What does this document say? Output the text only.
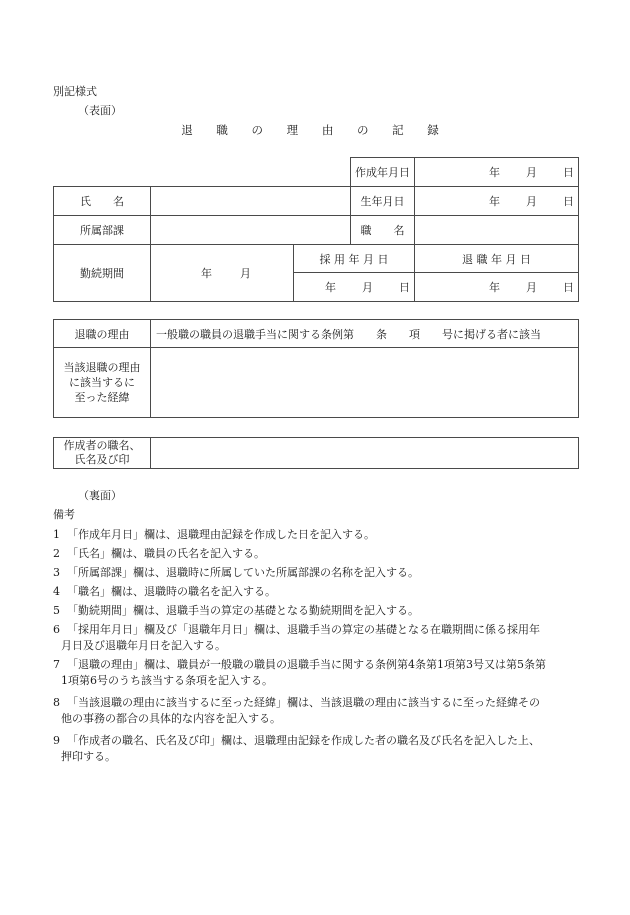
別記様式
（表面）
退 職 の 理 由 の 記 録
			作成年月日	年 月 日

氏　　名			生年月日	年 月 日

所属部課			職　　名	
勤続期間	年 月	採 用 年 月 日		退 職 年 月 日

		年 月 日		年 月 日
退職の理由	一般職の職員の退職手当に関する条例第　　条　　項　　号に掲げる者に該当

当該退職の理由
に該当するに
至った経緯	

作成者の職名、
氏名及び印

（裏面）
備考
1 「作成年月日」欄は、退職理由記録を作成した日を記入する。
2 「氏名」欄は、職員の氏名を記入する。
3 「所属部課」欄は、退職時に所属していた所属部課の名称を記入する。
4 「職名」欄は、退職時の職名を記入する。
5 「勤続期間」欄は、退職手当の算定の基礎となる勤続期間を記入する。
6 「採用年月日」欄及び「退職年月日」欄は、退職手当の算定の基礎となる在職期間に係る採用年
月日及び退職年月日を記入する。
7 「退職の理由」欄は、職員が一般職の職員の退職手当に関する条例第4条第1項第3号又は第5条第
1項第6号のうち該当する条項を記入する。
8 「当該退職の理由に該当するに至った経緯」欄は、当該退職の理由に該当するに至った経緯その
他の事務の都合の具体的な内容を記入する。
9 「作成者の職名、氏名及び印」欄は、退職理由記録を作成した者の職名及び氏名を記入した上、
押印する。
